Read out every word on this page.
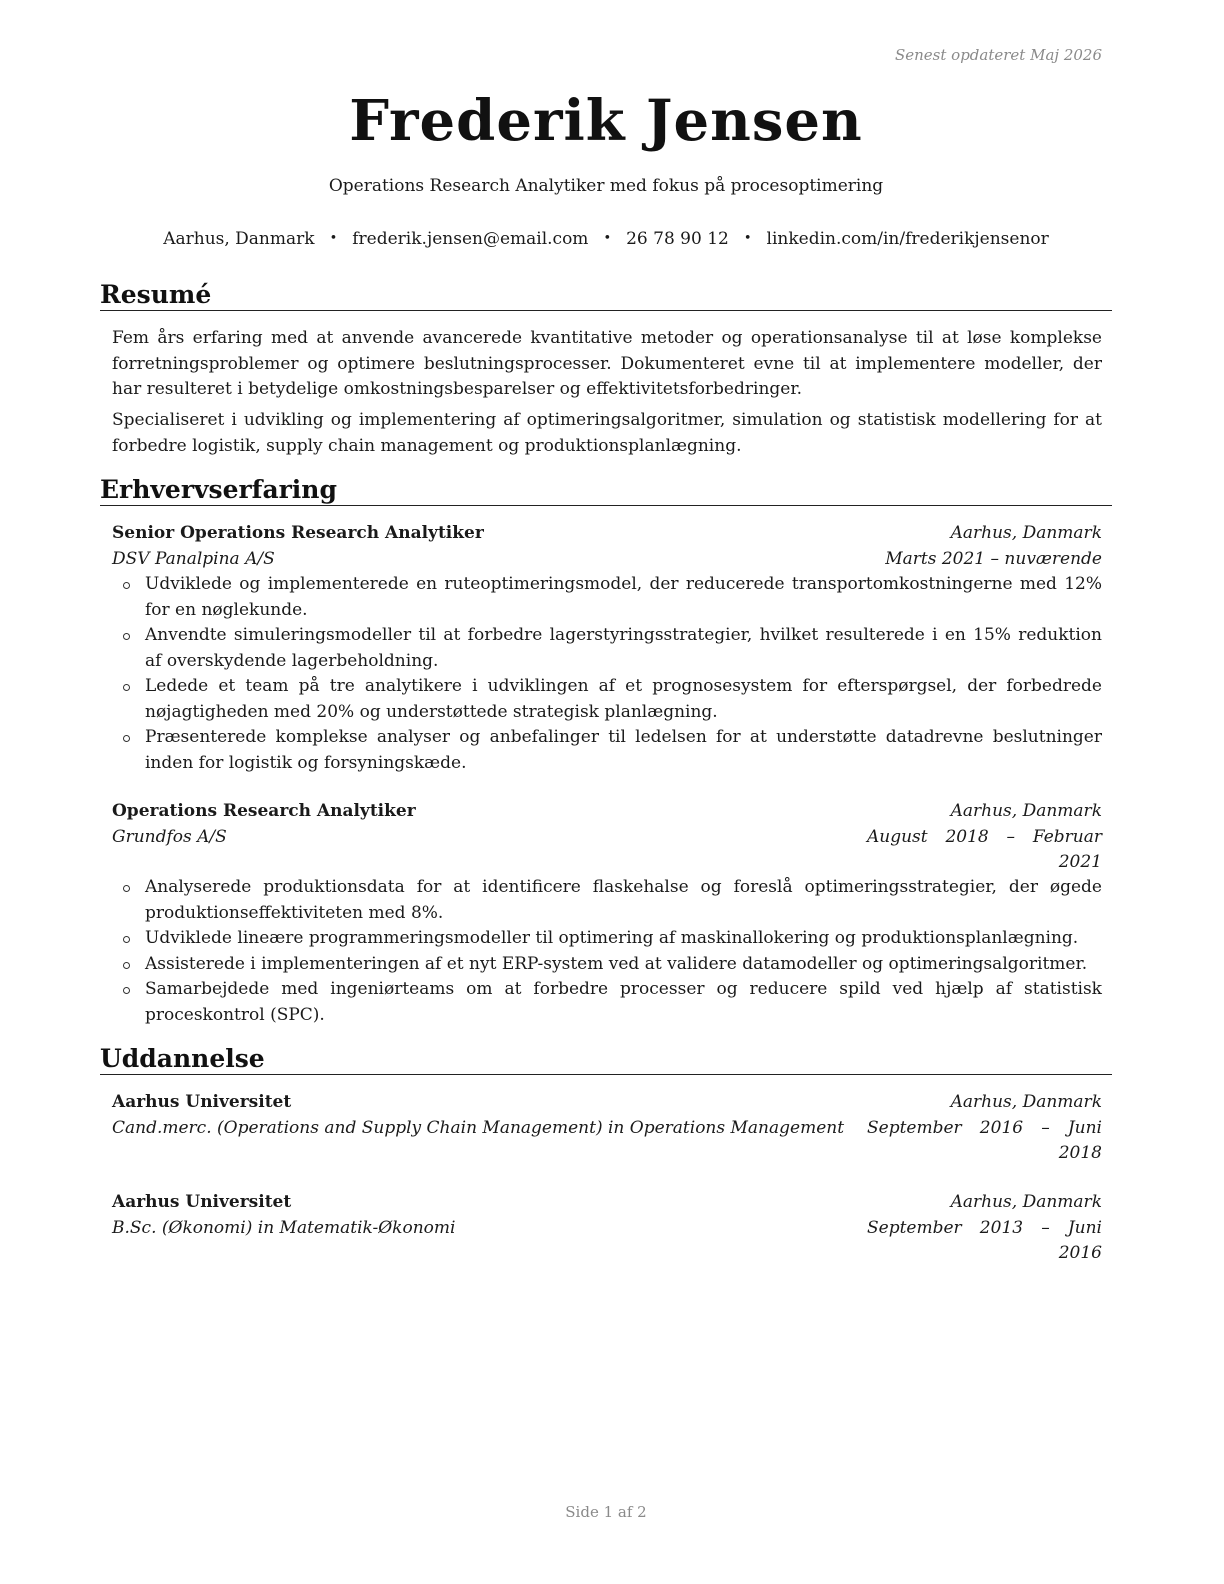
Senest opdateret Maj 2026
Frederik Jensen
Operations Research Analytiker med fokus på procesoptimering
Aarhus, Danmark • frederik.jensen@email.com • 26 78 90 12 • linkedin.com/in/frederikjensenor
Resumé

Fem års erfaring med at anvende avancerede kvantitative metoder og operationsanalyse til at løse komplekse forretningsproblemer og optimere beslutningsprocesser. Dokumenteret evne til at implementere modeller, der har resulteret i betydelige omkostningsbesparelser og effektivitetsforbedringer.

Specialiseret i udvikling og implementering af optimeringsalgoritmer, simulation og statistisk modellering for at forbedre logistik, supply chain management og produktionsplanlægning.

Erhvervserfaring
Senior Operations Research Analytiker	Aarhus, Danmark
DSV Panalpina A/S	Marts 2021 – nuværende
Udviklede og implementerede en ruteoptimeringsmodel, der reducerede transportomkostningerne med 12% for en nøglekunde.
Anvendte simuleringsmodeller til at forbedre lagerstyringsstrategier, hvilket resulterede i en 15% reduktion af overskydende lagerbeholdning.
Ledede et team på tre analytikere i udviklingen af et prognosesystem for efterspørgsel, der forbedrede nøjagtigheden med 20% og understøttede strategisk planlægning.
Præsenterede komplekse analyser og anbefalinger til ledelsen for at understøtte datadrevne beslutninger inden for logistik og forsyningskæde.
Operations Research Analytiker	Aarhus, Danmark
Grundfos A/S	August 2018 – Februar 2021
Analyserede produktionsdata for at identificere flaskehalse og foreslå optimeringsstrategier, der øgede produktionseffektiviteten med 8%.
Udviklede lineære programmeringsmodeller til optimering af maskinallokering og produktionsplanlægning.
Assisterede i implementeringen af et nyt ERP-system ved at validere datamodeller og optimeringsalgoritmer.
Samarbejdede med ingeniørteams om at forbedre processer og reducere spild ved hjælp af statistisk proceskontrol (SPC).
Uddannelse
Aarhus Universitet	Aarhus, Danmark
Cand.merc. (Operations and Supply Chain Management) in Operations Management September 2016 – Juni 2018
Aarhus Universitet	Aarhus, Danmark
B.Sc. (Økonomi) in Matematik-Økonomi	September 2013 – Juni 2016
Side 1 af 2
